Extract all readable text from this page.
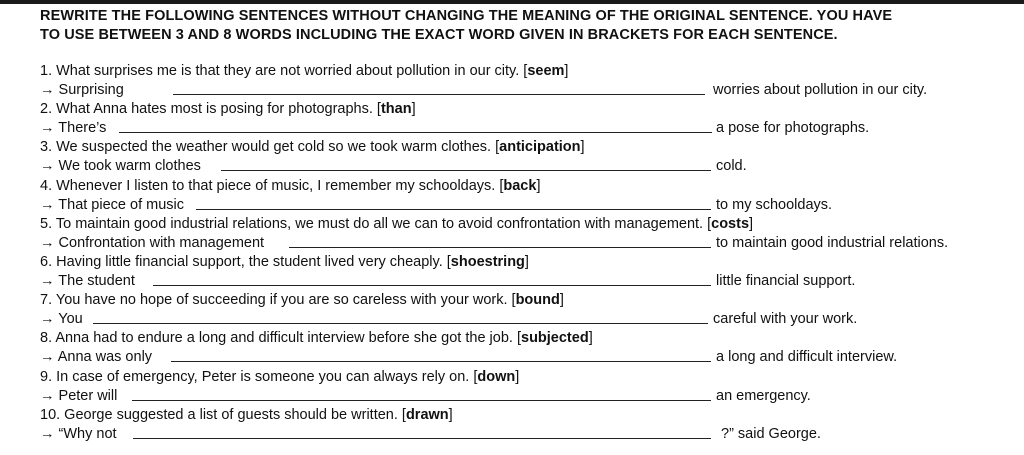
REWRITE THE FOLLOWING SENTENCES WITHOUT CHANGING THE MEANING OF THE ORIGINAL SENTENCE. YOU HAVE
TO USE BETWEEN 3 AND 8 WORDS INCLUDING THE EXACT WORD GIVEN IN BRACKETS FOR EACH SENTENCE.
1. What surprises me is that they are not worried about pollution in our city. [seem]
→ Surprising	worries about pollution in our city.
2. What Anna hates most is posing for photographs. [than]
→ There’s	a pose for photographs.
3. We suspected the weather would get cold so we took warm clothes. [anticipation]
→ We took warm clothes	cold.
4. Whenever I listen to that piece of music, I remember my schooldays. [back]
→ That piece of music	to my schooldays.
5. To maintain good industrial relations, we must do all we can to avoid confrontation with management. [costs]
→ Confrontation with management	to maintain good industrial relations.
6. Having little financial support, the student lived very cheaply. [shoestring]
→ The student	little financial support.
7. You have no hope of succeeding if you are so careless with your work. [bound]
→ You	careful with your work.
8. Anna had to endure a long and difficult interview before she got the job. [subjected]
→ Anna was only	a long and difficult interview.
9. In case of emergency, Peter is someone you can always rely on. [down]
→ Peter will	an emergency.
10. George suggested a list of guests should be written. [drawn]
→ “Why not	?” said George.
